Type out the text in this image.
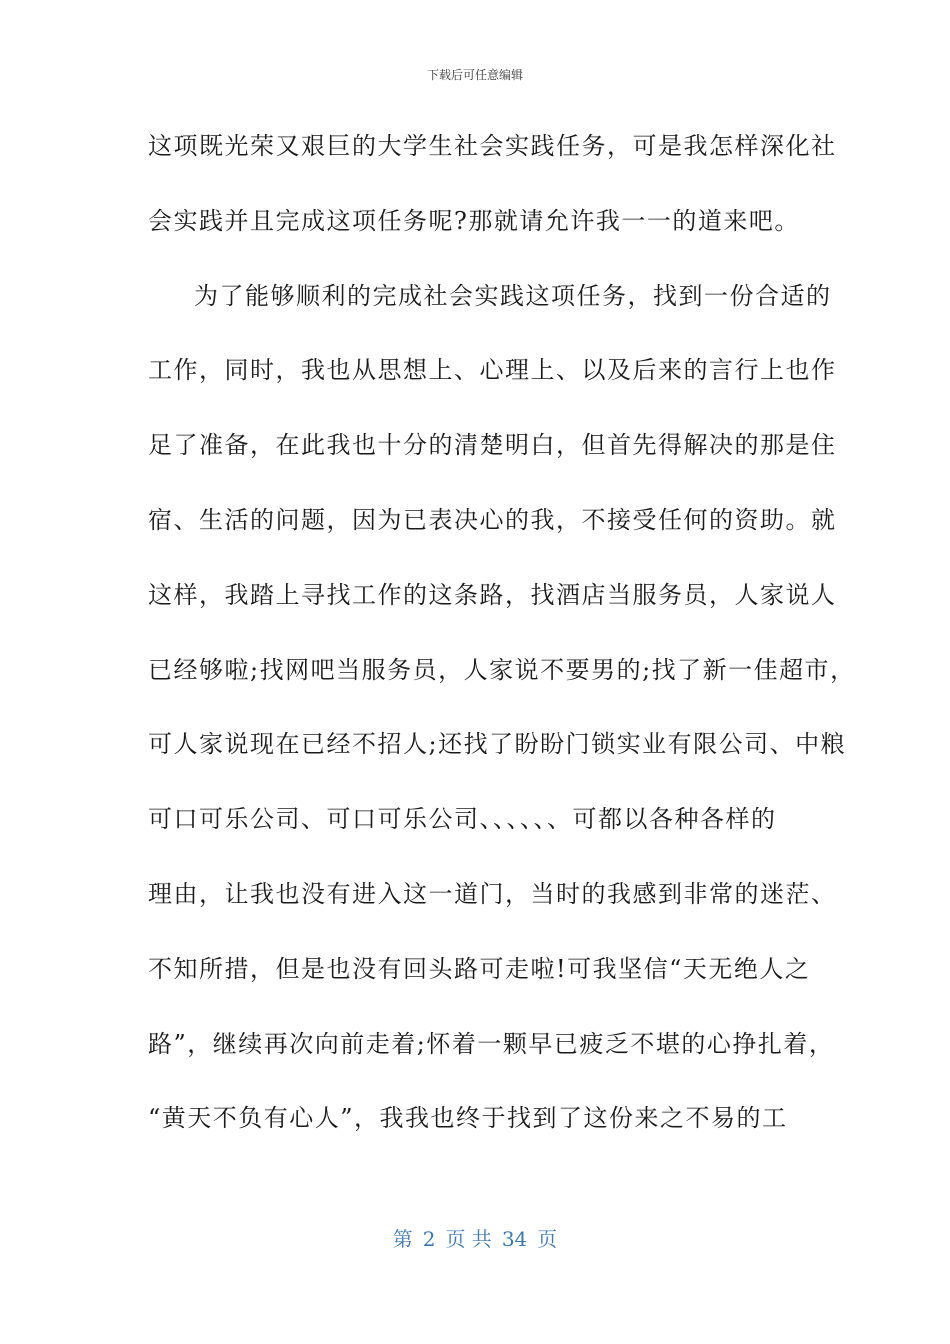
下载后可任意编辑
这项既光荣又艰巨的大学生社会实践任务，可是我怎样深化社
会实践并且完成这项任务呢?那就请允许我一一的道来吧。
为了能够顺利的完成社会实践这项任务，找到一份合适的
工作，同时，我也从思想上、心理上、以及后来的言行上也作
足了准备，在此我也十分的清楚明白，但首先得解决的那是住
宿、生活的问题，因为已表决心的我，不接受任何的资助。就
这样，我踏上寻找工作的这条路，找酒店当服务员，人家说人
已经够啦;找网吧当服务员，人家说不要男的;找了新一佳超市，
可人家说现在已经不招人;还找了盼盼门锁实业有限公司、中粮
可口可乐公司、可口可乐公司、、、、、、可都以各种各样的
理由，让我也没有进入这一道门，当时的我感到非常的迷茫、
不知所措，但是也没有回头路可走啦!可我坚信“天无绝人之
路”，继续再次向前走着;怀着一颗早已疲乏不堪的心挣扎着，
“黄天不负有心人”，我我也终于找到了这份来之不易的工
第 2 页 共 34 页
